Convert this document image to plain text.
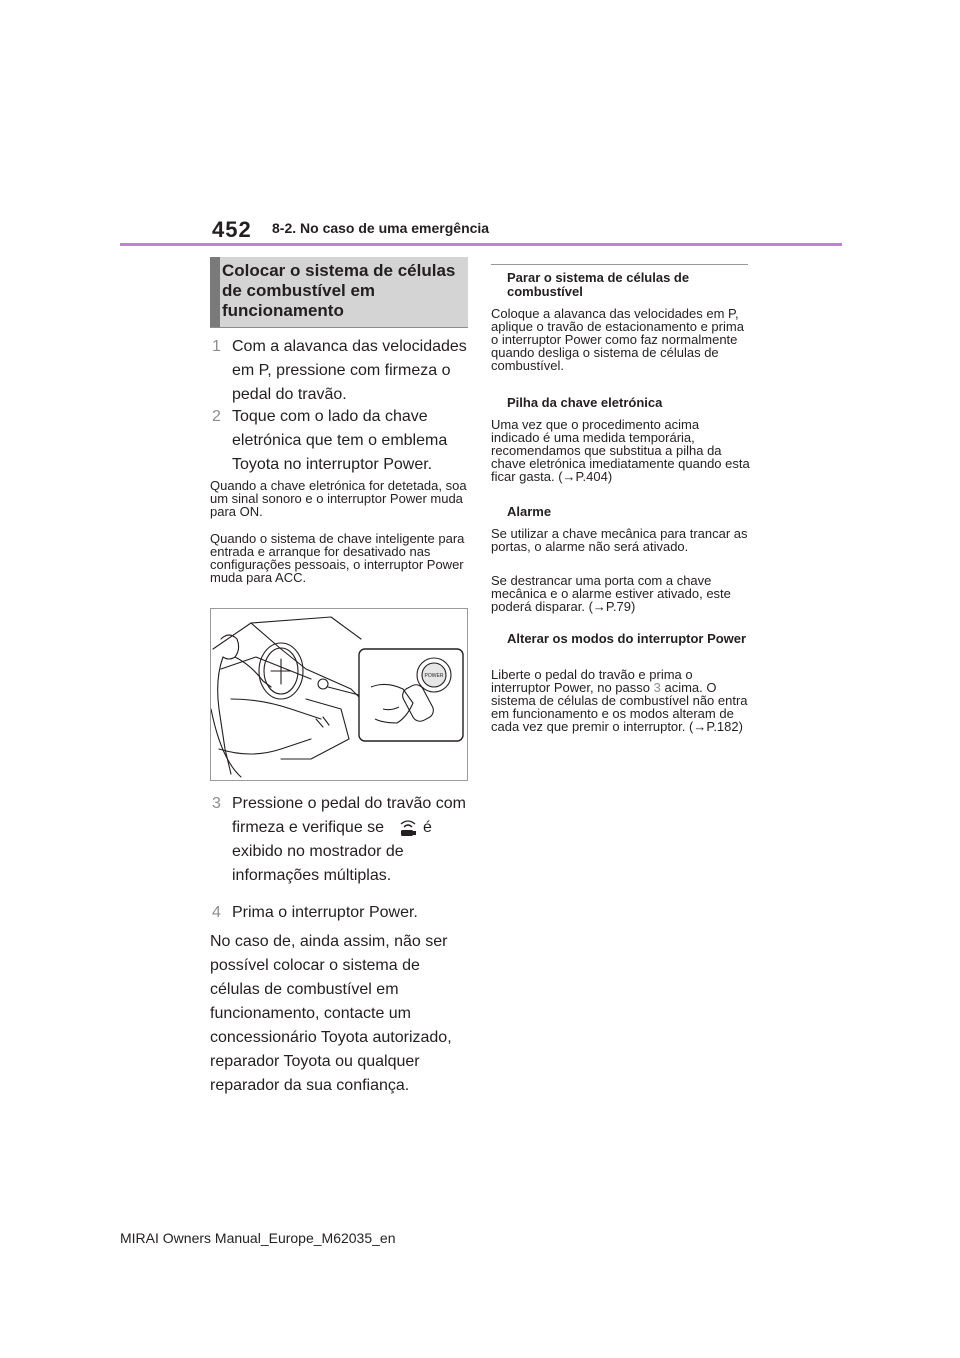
452 8-2. No caso de uma emergência
Colocar o sistema de células de combustível em funcionamento
1 Com a alavanca das velocidades em P, pressione com firmeza o pedal do travão.
2 Toque com o lado da chave eletrónica que tem o emblema Toyota no interruptor Power.
Quando a chave eletrónica for detetada, soa um sinal sonoro e o interruptor Power muda para ON.
Quando o sistema de chave inteligente para entrada e arranque for desativado nas configurações pessoais, o interruptor Power muda para ACC.
POWER
3 Pressione o pedal do travão com firmeza e verifique se é exibido no mostrador de informações múltiplas.
4 Prima o interruptor Power.
No caso de, ainda assim, não ser possível colocar o sistema de células de combustível em funcionamento, contacte um concessionário Toyota autorizado, reparador Toyota ou qualquer reparador da sua confiança.
Parar o sistema de células de combustível
Coloque a alavanca das velocidades em P, aplique o travão de estacionamento e prima o interruptor Power como faz normalmente quando desliga o sistema de células de combustível.
Pilha da chave eletrónica
Uma vez que o procedimento acima indicado é uma medida temporária, recomendamos que substitua a pilha da chave eletrónica imediatamente quando esta ficar gasta. (→P.404)
Alarme
Se utilizar a chave mecânica para trancar as portas, o alarme não será ativado.
Se destrancar uma porta com a chave mecânica e o alarme estiver ativado, este poderá disparar. (→P.79)
Alterar os modos do interruptor Power
Liberte o pedal do travão e prima o interruptor Power, no passo 3 acima. O sistema de células de combustível não entra em funcionamento e os modos alteram de cada vez que premir o interruptor. (→P.182)
MIRAI Owners Manual_Europe_M62035_en
